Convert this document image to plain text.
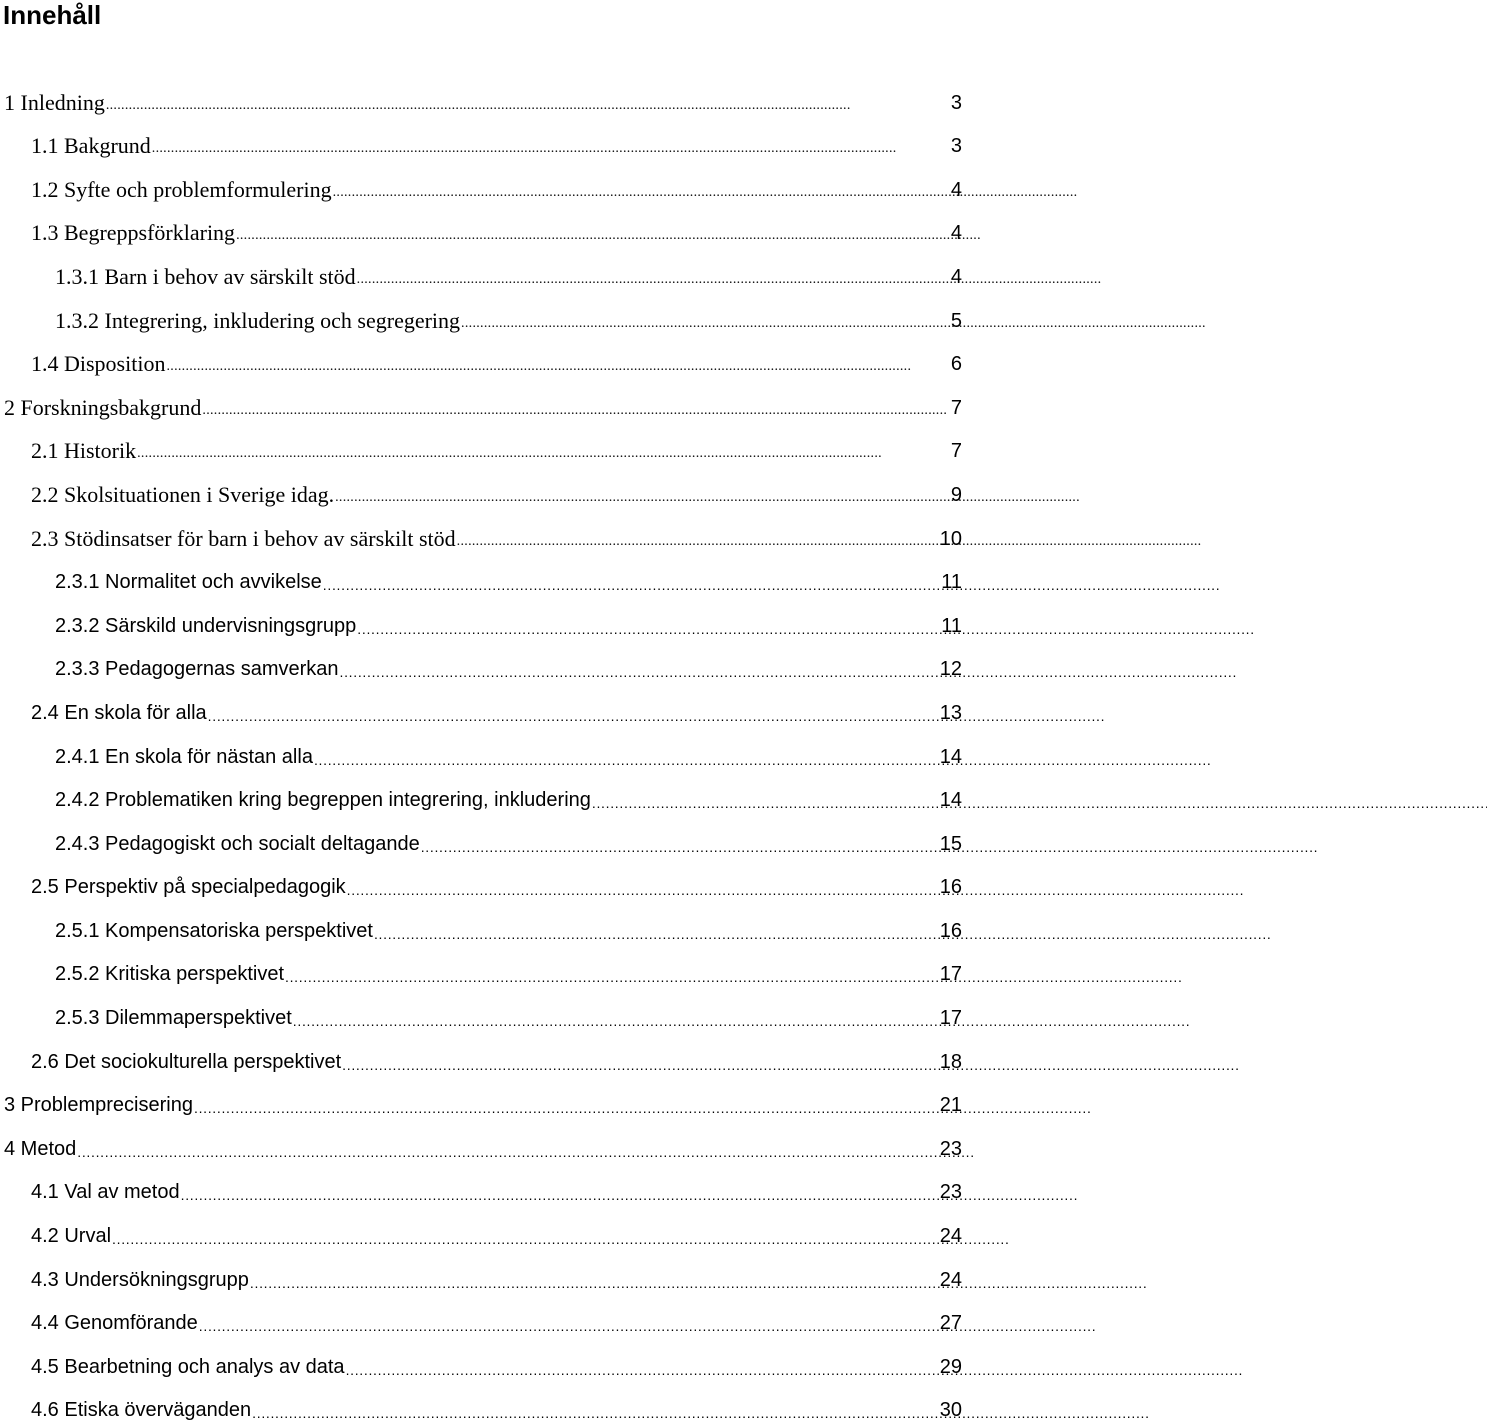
Innehåll
1 Inledning . . .	3
1.1 Bakgrund . . .	3
1.2 Syfte och problemformulering . . .	4
1.3 Begreppsförklaring . . .	4
1.3.1 Barn i behov av särskilt stöd . . .	4
1.3.2 Integrering, inkludering och segregering . . .	5
1.4 Disposition . . .	6
2 Forskningsbakgrund . . .	7
2.1 Historik . . .	7
2.2 Skolsituationen i Sverige idag. . . .	9
2.3 Stödinsatser för barn i behov av särskilt stöd . . .	10
2.3.1 Normalitet och avvikelse . . .	11
2.3.2 Särskild undervisningsgrupp . . .	11
2.3.3 Pedagogernas samverkan . . .	12
2.4 En skola för alla . . .	13
2.4.1 En skola för nästan alla . . .	14
2.4.2 Problematiken kring begreppen integrering, inkludering . . .	14
2.4.3 Pedagogiskt och socialt deltagande . . .	15
2.5 Perspektiv på specialpedagogik . . .	16
2.5.1 Kompensatoriska perspektivet . . .	16
2.5.2 Kritiska perspektivet . . .	17
2.5.3 Dilemmaperspektivet . . .	17
2.6 Det sociokulturella perspektivet . . .	18
3 Problemprecisering . . .	21
4 Metod . . .	23
4.1 Val av metod . . .	23
4.2 Urval . . .	24
4.3 Undersökningsgrupp . . .	24
4.4 Genomförande . . .	27
4.5 Bearbetning och analys av data . . .	29
4.6 Etiska överväganden . . .	30
